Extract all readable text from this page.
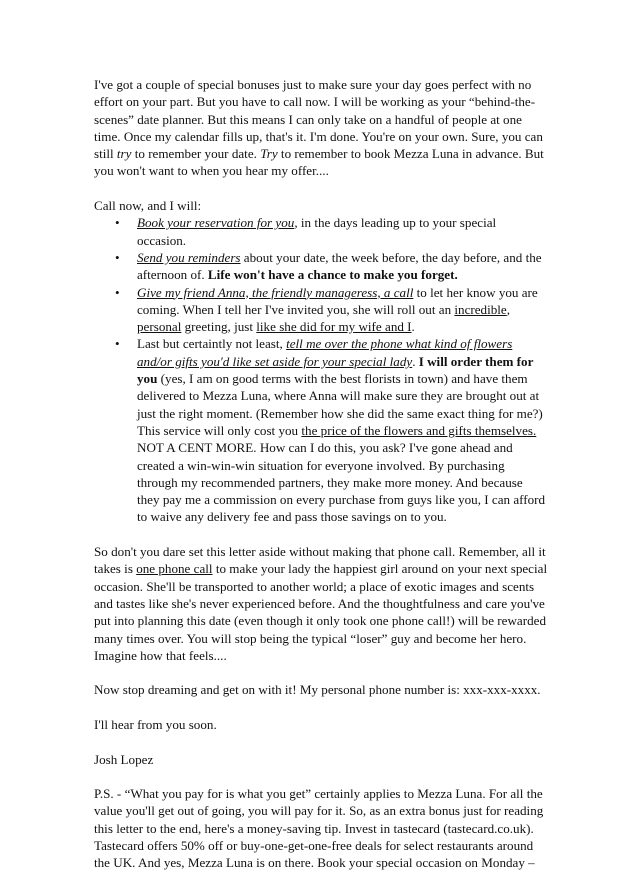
I've got a couple of special bonuses just to make sure your day goes perfect with no effort on your part. But you have to call now. I will be working as your “behind-the-scenes” date planner. But this means I can only take on a handful of people at one time. Once my calendar fills up, that's it. I'm done. You're on your own. Sure, you can still try to remember your date. Try to remember to book Mezza Luna in advance. But you won't want to when you hear my offer....

Call now, and I will:
• Book your reservation for you, in the days leading up to your special occasion.
• Send you reminders about your date, the week before, the day before, and the afternoon of. Life won't have a chance to make you forget.
• Give my friend Anna, the friendly manageress, a call to let her know you are coming. When I tell her I've invited you, she will roll out an incredible, personal greeting, just like she did for my wife and I.
• Last but certaintly not least, tell me over the phone what kind of flowers and/or gifts you'd like set aside for your special lady. I will order them for you (yes, I am on good terms with the best florists in town) and have them delivered to Mezza Luna, where Anna will make sure they are brought out at just the right moment. (Remember how she did the same exact thing for me?) This service will only cost you the price of the flowers and gifts themselves. NOT A CENT MORE. How can I do this, you ask? I've gone ahead and created a win-win-win situation for everyone involved. By purchasing through my recommended partners, they make more money. And because they pay me a commission on every purchase from guys like you, I can afford to waive any delivery fee and pass those savings on to you.

So don't you dare set this letter aside without making that phone call. Remember, all it takes is one phone call to make your lady the happiest girl around on your next special occasion. She'll be transported to another world; a place of exotic images and scents and tastes like she's never experienced before. And the thoughtfulness and care you've put into planning this date (even though it only took one phone call!) will be rewarded many times over. You will stop being the typical “loser” guy and become her hero. Imagine how that feels....

Now stop dreaming and get on with it! My personal phone number is: xxx-xxx-xxxx.

I'll hear from you soon.

Josh Lopez

P.S. - “What you pay for is what you get” certainly applies to Mezza Luna. For all the value you'll get out of going, you will pay for it. So, as an extra bonus just for reading this letter to the end, here's a money-saving tip. Invest in tastecard (tastecard.co.uk). Tastecard offers 50% off or buy-one-get-one-free deals for select restaurants around the UK. And yes, Mezza Luna is on there. Book your special occasion on Monday –
